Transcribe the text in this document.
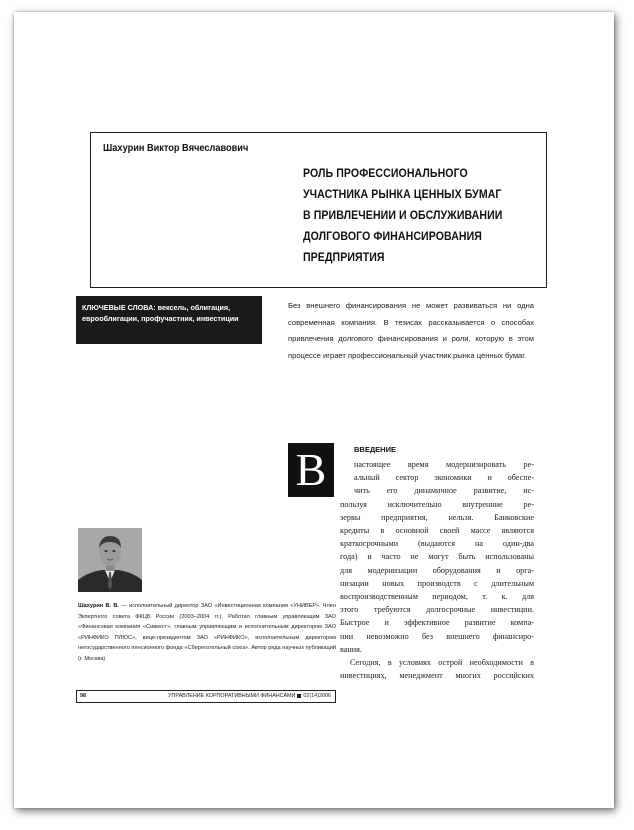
Шахурин Виктор Вячеславович
РОЛЬ ПРОФЕССИОНАЛЬНОГО
УЧАСТНИКА РЫНКА ЦЕННЫХ БУМАГ
В ПРИВЛЕЧЕНИИ И ОБСЛУЖИВАНИИ
ДОЛГОВОГО ФИНАНСИРОВАНИЯ
ПРЕДПРИЯТИЯ
КЛЮЧЕВЫЕ СЛОВА: вексель, облигация, еврооблигации, профучастник, инвестиции
Без внешнего финансирования не может развиваться ни одна современная компания. В тезисах рассказывается о способах привлечения долгового финансирования и роли, которую в этом процессе играет профессиональный участник рынка ценных бумаг.
В	ВВЕДЕНИЕ
настоящее время модернизировать ре-
альный сектор экономики и обеспе-
чить его динамичное развитие, ис-
пользуя исключительно внутренние ре-
зервы предприятия, нельзя. Банковские
кредиты в основной своей массе являются
краткосрочными (выдаются на один-два
года) и часто не могут быть использованы
для модернизации оборудования и орга-
низации новых производств с длительным
воспроизводственным периодом, т. к. для
этого требуются долгосрочные инвестиции.
Быстрое и эффективное развитие компа-
нии невозможно без внешнего финансиро-
вания.
Сегодня, в условиях острой необходимости в
инвестициях, менеджмент многих российских
Шахурин В. В. — исполнительный директор ЗАО «Инвестиционная компания «УНИВЕР». Член Экпертного совета ФКЦБ России (2003–2004 гг.). Работал главным управляющим ЗАО «Финансовая компания «Сивекст», главным управляющим и исполнительным директором ЗАО «РИНФИКО ПЛЮС», вице-президентом ЗАО «РИНФИКО», исполнительным директором негосударственного пенсионного фонда «Сберегательный союз». Автор ряда научных публикаций (г. Москва)
98	УПРАВЛЕНИЕ КОРПОРАТИВНЫМИ ФИНАНСАМИ 02(14)2006
